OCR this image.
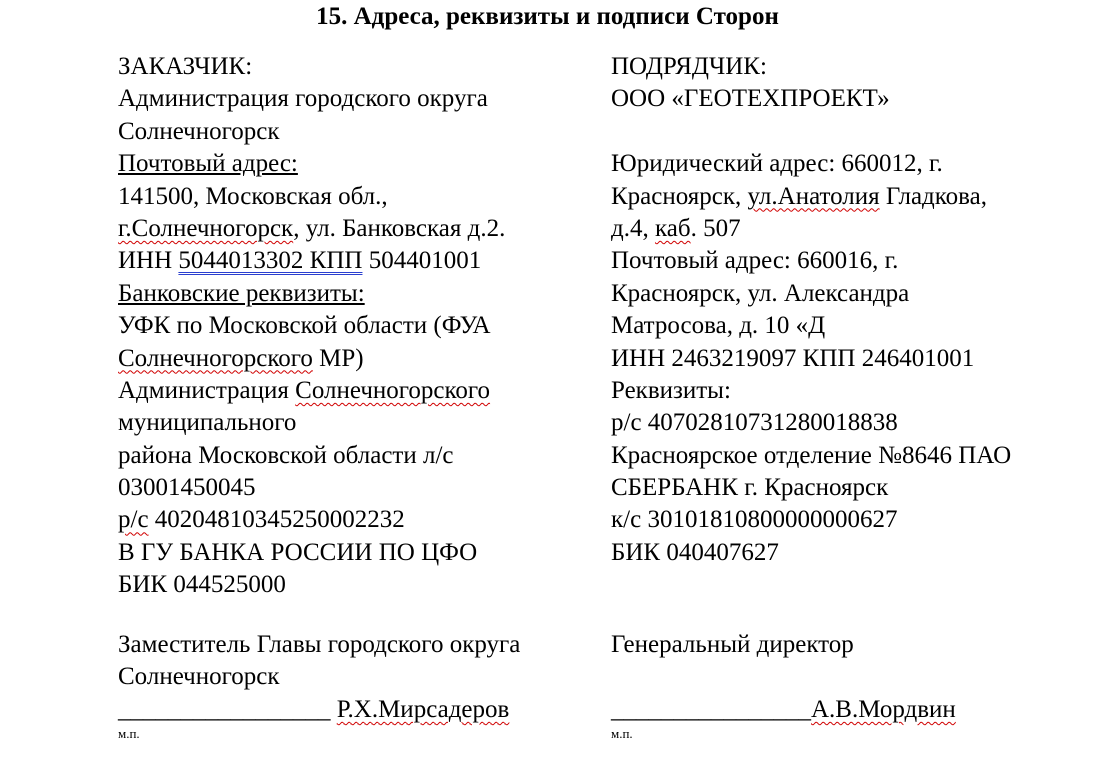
15. Адреса, реквизиты и подписи Сторон
ЗАКАЗЧИК:
Администрация городского округа
Солнечногорск
Почтовый адрес:
141500, Московская обл.,
г.Солнечногорск, ул. Банковская д.2.
ИНН 5044013302 КПП 504401001
Банковские реквизиты:
УФК по Московской области (ФУА
Солнечногорского МР)
Администрация Солнечногорского
муниципального
района Московской области л/с
03001450045
р/с 40204810345250002232
В ГУ БАНКА РОССИИ ПО ЦФО
БИК 044525000
ПОДРЯДЧИК:
ООО «ГЕОТЕХПРОЕКТ»
Юридический адрес: 660012, г.
Красноярск, ул.Анатолия Гладкова,
д.4, каб. 507
Почтовый адрес: 660016, г.
Красноярск, ул. Александра
Матросова, д. 10 «Д
ИНН 2463219097 КПП 246401001
Реквизиты:
р/с 40702810731280018838
Красноярское отделение №8646 ПАО
СБЕРБАНК г. Красноярск
к/с 30101810800000000627
БИК 040407627
Заместитель Главы городского округа
Солнечногорск
_________________ Р.Х.Мирсадеров
м.п.
Генеральный директор
________________А.В.Мордвин
м.п.
